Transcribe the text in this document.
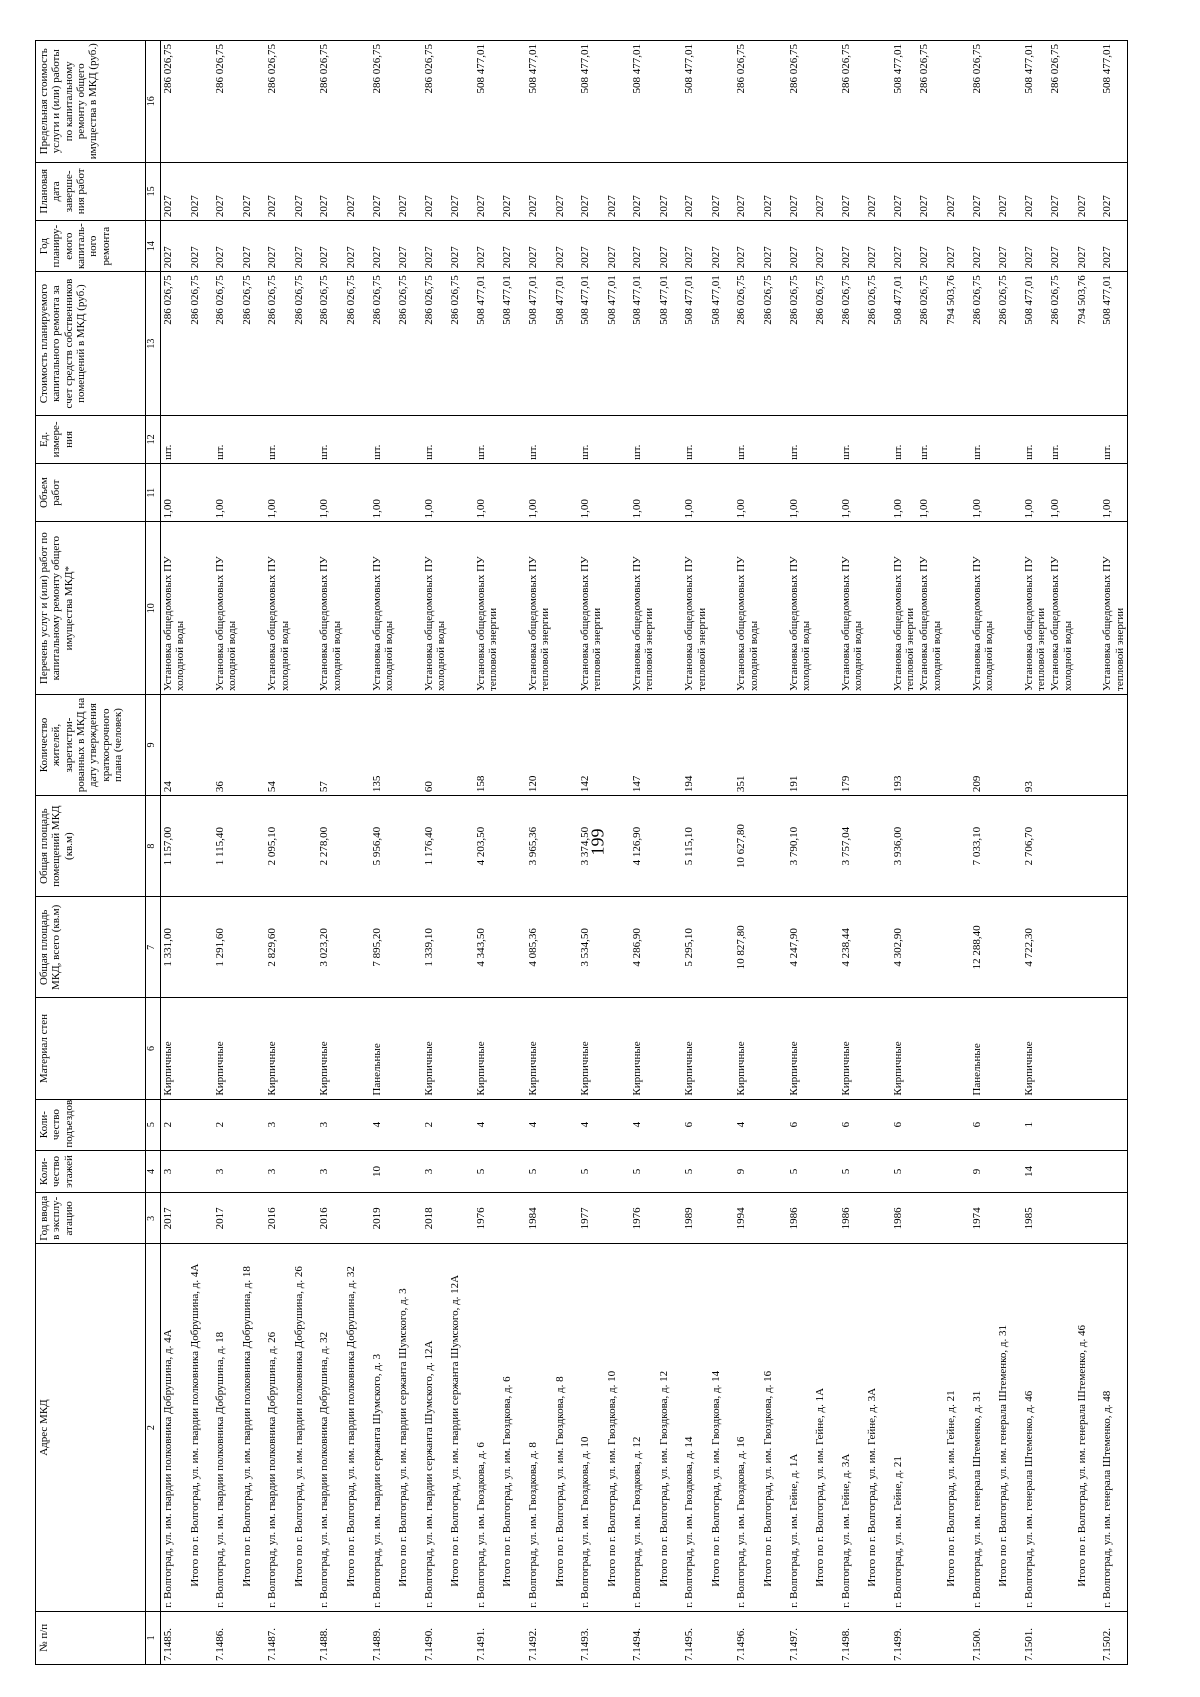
199
№ п/п	Адрес МКД	Год ввода в эксплу-атацию	Коли-чество этажей	Коли-чество подъездов	Материал стен	Общая площадь МКД, всего (кв.м)	Общая площадь помещений МКД (кв.м)	Количество жителей, зарегистри-рованных в МКД на дату утверждения краткосрочного плана (человек)	Перечень услуг и (или) работ по капитальному ремонту общего имущества МКД*	Объем работ	Ед. измере-ния	Стоимость планируемого капитального ремонта за счет средств собственников помещений в МКД (руб.)	Год планиру-емого капиталь-ного ремонта	Плановая дата заверше-ния работ	Предельная стоимость услуги и (или) работы по капитальному ремонту общего имущества в МКД (руб.)
1	2	3	4	5	6	7	8	9	10	11	12	13	14	15	16
7.1485.	г. Волгоград, ул. им. гвардии полковника Добрушина, д. 4А	2017	3	2	Кирпичные	1 331,00	1 157,00	24	Установка общедомовых ПУ холодной воды	1,00	шт.	286 026,75	2027	2027	286 026,75
	Итого по г. Волгоград, ул. им. гвардии полковника Добрушина, д. 4А											286 026,75	2027	2027	
7.1486.	г. Волгоград, ул. им. гвардии полковника Добрушина, д. 18	2017	3	2	Кирпичные	1 291,60	1 115,40	36	Установка общедомовых ПУ холодной воды	1,00	шт.	286 026,75	2027	2027	286 026,75
	Итого по г. Волгоград, ул. им. гвардии полковника Добрушина, д. 18											286 026,75	2027	2027	
7.1487.	г. Волгоград, ул. им. гвардии полковника Добрушина, д. 26	2016	3	3	Кирпичные	2 829,60	2 095,10	54	Установка общедомовых ПУ холодной воды	1,00	шт.	286 026,75	2027	2027	286 026,75
	Итого по г. Волгоград, ул. им. гвардии полковника Добрушина, д. 26											286 026,75	2027	2027	
7.1488.	г. Волгоград, ул. им. гвардии полковника Добрушина, д. 32	2016	3	3	Кирпичные	3 023,20	2 278,00	57	Установка общедомовых ПУ холодной воды	1,00	шт.	286 026,75	2027	2027	286 026,75
	Итого по г. Волгоград, ул. им. гвардии полковника Добрушина, д. 32											286 026,75	2027	2027	
7.1489.	г. Волгоград, ул. им. гвардии сержанта Шумского, д. 3	2019	10	4	Панельные	7 895,20	5 956,40	135	Установка общедомовых ПУ холодной воды	1,00	шт.	286 026,75	2027	2027	286 026,75
	Итого по г. Волгоград, ул. им. гвардии сержанта Шумского, д. 3											286 026,75	2027	2027	
7.1490.	г. Волгоград, ул. им. гвардии сержанта Шумского, д. 12А	2018	3	2	Кирпичные	1 339,10	1 176,40	60	Установка общедомовых ПУ холодной воды	1,00	шт.	286 026,75	2027	2027	286 026,75
	Итого по г. Волгоград, ул. им. гвардии сержанта Шумского, д. 12А											286 026,75	2027	2027	
7.1491.	г. Волгоград, ул. им. Гвоздкова, д. 6	1976	5	4	Кирпичные	4 343,50	4 203,50	158	Установка общедомовых ПУ тепловой энергии	1,00	шт.	508 477,01	2027	2027	508 477,01
	Итого по г. Волгоград, ул. им. Гвоздкова, д. 6											508 477,01	2027	2027	
7.1492.	г. Волгоград, ул. им. Гвоздкова, д. 8	1984	5	4	Кирпичные	4 085,36	3 965,36	120	Установка общедомовых ПУ тепловой энергии	1,00	шт.	508 477,01	2027	2027	508 477,01
	Итого по г. Волгоград, ул. им. Гвоздкова, д. 8											508 477,01	2027	2027	
7.1493.	г. Волгоград, ул. им. Гвоздкова, д. 10	1977	5	4	Кирпичные	3 534,50	3 374,50	142	Установка общедомовых ПУ тепловой энергии	1,00	шт.	508 477,01	2027	2027	508 477,01
	Итого по г. Волгоград, ул. им. Гвоздкова, д. 10											508 477,01	2027	2027	
7.1494.	г. Волгоград, ул. им. Гвоздкова, д. 12	1976	5	4	Кирпичные	4 286,90	4 126,90	147	Установка общедомовых ПУ тепловой энергии	1,00	шт.	508 477,01	2027	2027	508 477,01
	Итого по г. Волгоград, ул. им. Гвоздкова, д. 12											508 477,01	2027	2027	
7.1495.	г. Волгоград, ул. им. Гвоздкова, д. 14	1989	5	6	Кирпичные	5 295,10	5 115,10	194	Установка общедомовых ПУ тепловой энергии	1,00	шт.	508 477,01	2027	2027	508 477,01
	Итого по г. Волгоград, ул. им. Гвоздкова, д. 14											508 477,01	2027	2027	
7.1496.	г. Волгоград, ул. им. Гвоздкова, д. 16	1994	9	4	Кирпичные	10 827,80	10 627,80	351	Установка общедомовых ПУ холодной воды	1,00	шт.	286 026,75	2027	2027	286 026,75
	Итого по г. Волгоград, ул. им. Гвоздкова, д. 16											286 026,75	2027	2027	
7.1497.	г. Волгоград, ул. им. Гейне, д. 1А	1986	5	6	Кирпичные	4 247,90	3 790,10	191	Установка общедомовых ПУ холодной воды	1,00	шт.	286 026,75	2027	2027	286 026,75
	Итого по г. Волгоград, ул. им. Гейне, д. 1А											286 026,75	2027	2027	
7.1498.	г. Волгоград, ул. им. Гейне, д. 3А	1986	5	6	Кирпичные	4 238,44	3 757,04	179	Установка общедомовых ПУ холодной воды	1,00	шт.	286 026,75	2027	2027	286 026,75
	Итого по г. Волгоград, ул. им. Гейне, д. 3А											286 026,75	2027	2027	
7.1499.	г. Волгоград, ул. им. Гейне, д. 21	1986	5	6	Кирпичные	4 302,90	3 936,00	193	Установка общедомовых ПУ тепловой энергии	1,00	шт.	508 477,01	2027	2027	508 477,01
									Установка общедомовых ПУ холодной воды	1,00	шт.	286 026,75	2027	2027	286 026,75
	Итого по г. Волгоград, ул. им. Гейне, д. 21											794 503,76	2027	2027	
7.1500.	г. Волгоград, ул. им. генерала Штеменко, д. 31	1974	9	6	Панельные	12 288,40	7 033,10	209	Установка общедомовых ПУ холодной воды	1,00	шт.	286 026,75	2027	2027	286 026,75
	Итого по г. Волгоград, ул. им. генерала Штеменко, д. 31											286 026,75	2027	2027	
7.1501.	г. Волгоград, ул. им. генерала Штеменко, д. 46	1985	14	1	Кирпичные	4 722,30	2 706,70	93	Установка общедомовых ПУ тепловой энергии	1,00	шт.	508 477,01	2027	2027	508 477,01
									Установка общедомовых ПУ холодной воды	1,00	шт.	286 026,75	2027	2027	286 026,75
	Итого по г. Волгоград, ул. им. генерала Штеменко, д. 46											794 503,76	2027	2027	
7.1502.	г. Волгоград, ул. им. генерала Штеменко, д. 48								Установка общедомовых ПУ тепловой энергии	1,00	шт.	508 477,01	2027	2027	508 477,01
